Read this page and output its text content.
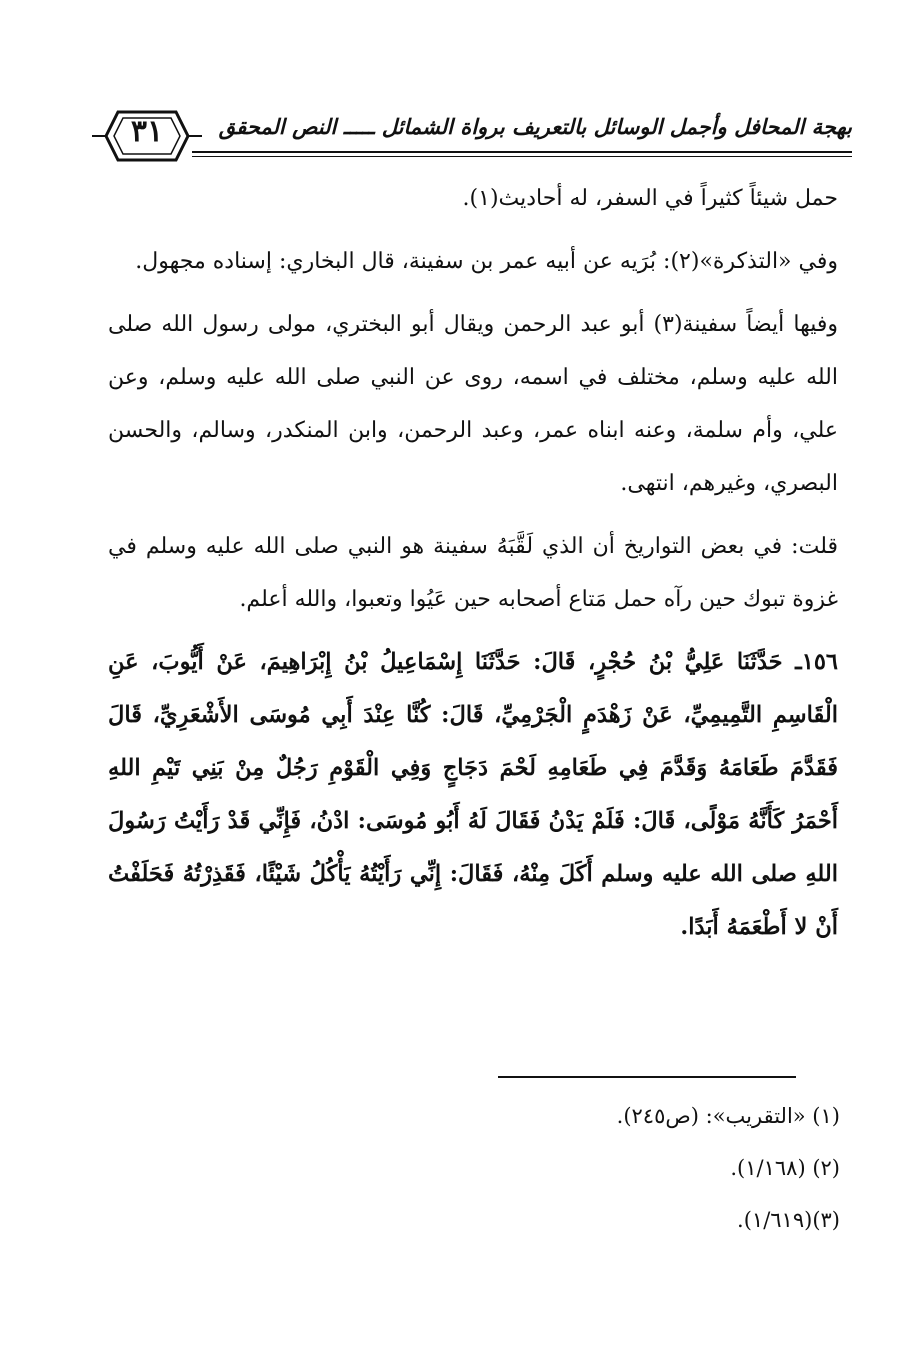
٣١	بهجة المحافل وأجمل الوسائل بالتعريف برواة الشمائل ـــــ النص المحقق

حمل شيئاً كثيراً في السفر، له أحاديث(١).

وفي «التذكرة»(٢): بُرَيه عن أبيه عمر بن سفينة، قال البخاري: إسناده مجهول.

وفيها أيضاً سفينة(٣) أبو عبد الرحمن ويقال أبو البختري، مولى رسول الله صلى الله عليه وسلم، مختلف في اسمه، روى عن النبي صلى الله عليه وسلم، وعن علي، وأم سلمة، وعنه ابناه عمر، وعبد الرحمن، وابن المنكدر، وسالم، والحسن البصري، وغيرهم، انتهى.

قلت: في بعض التواريخ أن الذي لَقَّبَهُ سفينة هو النبي صلى الله عليه وسلم في غزوة تبوك حين رآه حمل مَتاع أصحابه حين عَيُوا وتعبوا، والله أعلم.

١٥٦ـ حَدَّثَنَا عَلِيُّ بْنُ حُجْرٍ، قَالَ: حَدَّثَنَا إِسْمَاعِيلُ بْنُ إِبْرَاهِيمَ، عَنْ أَيُّوبَ، عَنِ الْقَاسِمِ التَّمِيمِيِّ، عَنْ زَهْدَمٍ الْجَرْمِيِّ، قَالَ: كُنَّا عِنْدَ أَبِي مُوسَى الأَشْعَرِيِّ، قَالَ فَقَدَّمَ طَعَامَهُ وَقَدَّمَ فِي طَعَامِهِ لَحْمَ دَجَاجٍ وَفِي الْقَوْمِ رَجُلٌ مِنْ بَنِي تَيْمِ اللهِ أَحْمَرُ كَأَنَّهُ مَوْلًى، قَالَ: فَلَمْ يَدْنُ فَقَالَ لَهُ أَبُو مُوسَى: ادْنُ، فَإِنِّي قَدْ رَأَيْتُ رَسُولَ اللهِ صلى الله عليه وسلم أَكَلَ مِنْهُ، فَقَالَ: إِنِّي رَأَيْتُهُ يَأْكُلُ شَيْئًا، فَقَذِرْتُهُ فَحَلَفْتُ أَنْ لا أَطْعَمَهُ أَبَدًا.

(١) «التقريب»: (ص٢٤٥).

(٢) (١/١٦٨).

(٣)(١/٦١٩).
